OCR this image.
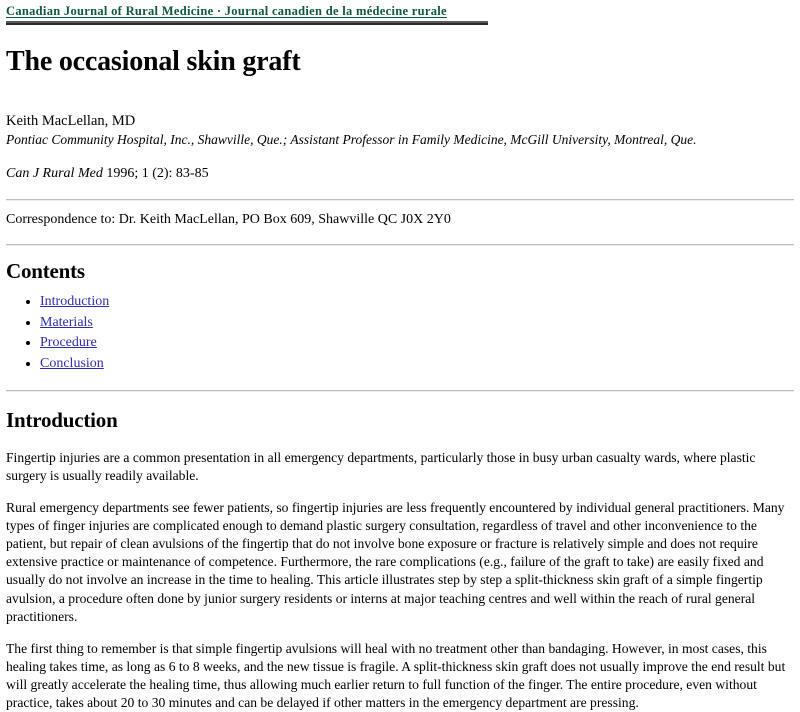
Canadian Journal of Rural Medicine · Journal canadien de la médecine rurale
The occasional skin graft
Keith MacLellan, MD
Pontiac Community Hospital, Inc., Shawville, Que.; Assistant Professor in Family Medicine, McGill University, Montreal, Que.
Can J Rural Med 1996; 1 (2): 83-85
Correspondence to: Dr. Keith MacLellan, PO Box 609, Shawville QC J0X 2Y0
Contents
• Introduction
• Materials
• Procedure
• Conclusion
Introduction

Fingertip injuries are a common presentation in all emergency departments, particularly those in busy urban casualty wards, where plastic surgery is usually readily available.

Rural emergency departments see fewer patients, so fingertip injuries are less frequently encountered by individual general practitioners. Many types of finger injuries are complicated enough to demand plastic surgery consultation, regardless of travel and other inconvenience to the patient, but repair of clean avulsions of the fingertip that do not involve bone exposure or fracture is relatively simple and does not require extensive practice or maintenance of competence. Furthermore, the rare complications (e.g., failure of the graft to take) are easily fixed and usually do not involve an increase in the time to healing. This article illustrates step by step a split-thickness skin graft of a simple fingertip avulsion, a procedure often done by junior surgery residents or interns at major teaching centres and well within the reach of rural general practitioners.

The first thing to remember is that simple fingertip avulsions will heal with no treatment other than bandaging. However, in most cases, this healing takes time, as long as 6 to 8 weeks, and the new tissue is fragile. A split-thickness skin graft does not usually improve the end result but will greatly accelerate the healing time, thus allowing much earlier return to full function of the finger. The entire procedure, even without practice, takes about 20 to 30 minutes and can be delayed if other matters in the emergency department are pressing.
